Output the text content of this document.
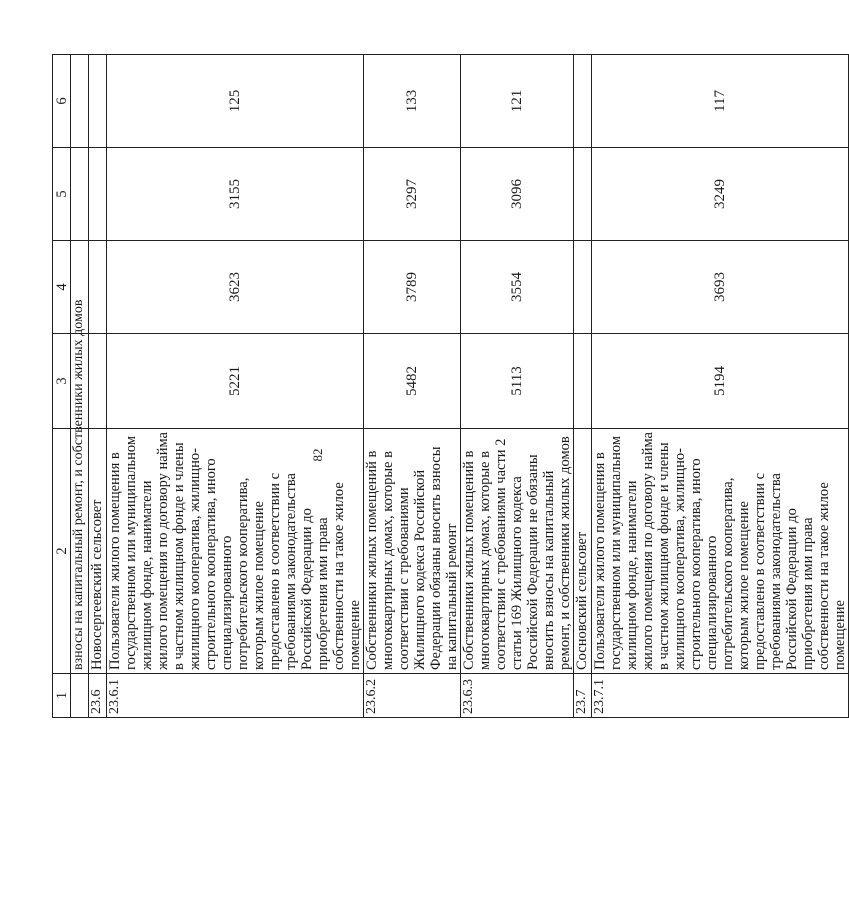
82
1	2	3	4	5	6
	взносы на капитальный ремонт, и собственники жилых домов				
23.6	Новосергеевский сельсовет				
23.6.1	Пользователи жилого помещения в государственном или муниципальном жилищном фонде, наниматели жилого помещения по договору найма в частном жилищном фонде и члены жилищного кооператива, жилищно-строительного кооператива, иного специализированного потребительского кооператива, которым жилое помещение предоставлено в соответствии с требованиями законодательства Российской Федерации до приобретения ими права собственности на такое жилое помещение	5221	3623	3155	125
23.6.2	Собственники жилых помещений в многоквартирных домах, которые в соответствии с требованиями Жилищного кодекса Российской Федерации обязаны вносить взносы на капитальный ремонт	5482	3789	3297	133
23.6.3	Собственники жилых помещений в многоквартирных домах, которые в соответствии с требованиями части 2 статьи 169 Жилищного кодекса Российской Федерации не обязаны вносить взносы на капитальный ремонт, и собственники жилых домов	5113	3554	3096	121
23.7	Сосновский сельсовет				
23.7.1	Пользователи жилого помещения в государственном или муниципальном жилищном фонде, наниматели жилого помещения по договору найма в частном жилищном фонде и члены жилищного кооператива, жилищно-строительного кооператива, иного специализированного потребительского кооператива, которым жилое помещение предоставлено в соответствии с требованиями законодательства Российской Федерации до приобретения ими права собственности на такое жилое помещение	5194	3693	3249	117
